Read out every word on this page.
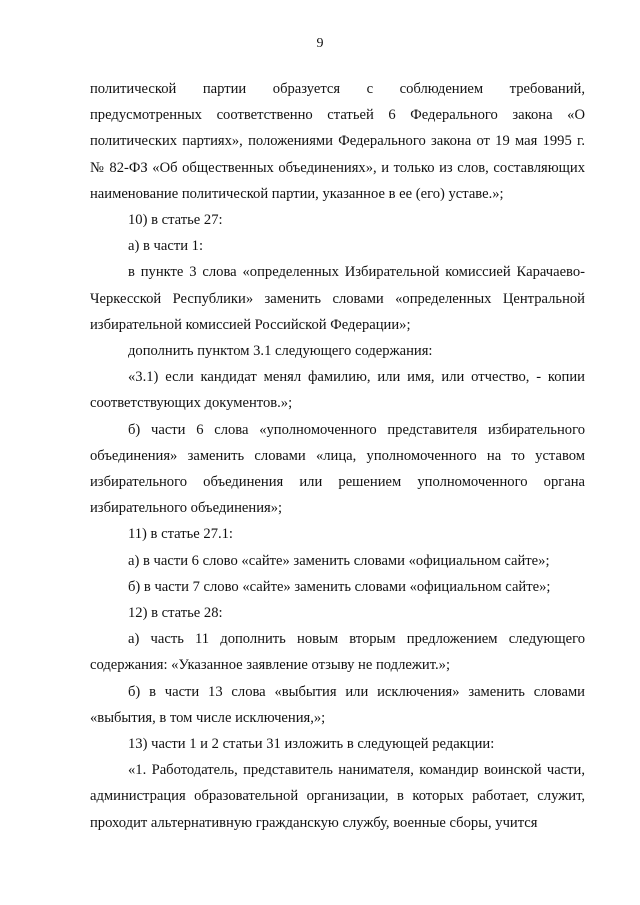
9

политической партии образуется с соблюдением требований, предусмотренных соответственно статьей 6 Федерального закона «О политических партиях», положениями Федерального закона от 19 мая 1995 г. № 82-ФЗ «Об общественных объединениях», и только из слов, составляющих наименование политической партии, указанное в ее (его) уставе.»;

10) в статье 27:

а) в части 1:

в пункте 3 слова «определенных Избирательной комиссией Карачаево-Черкесской Республики» заменить словами «определенных Центральной избирательной комиссией Российской Федерации»;

дополнить пунктом 3.1 следующего содержания:

«3.1) если кандидат менял фамилию, или имя, или отчество, - копии соответствующих документов.»;

б) части 6 слова «уполномоченного представителя избирательного объединения» заменить словами «лица, уполномоченного на то уставом избирательного объединения или решением уполномоченного органа избирательного объединения»;

11) в статье 27.1:

а) в части 6 слово «сайте» заменить словами «официальном сайте»;

б) в части 7 слово «сайте» заменить словами «официальном сайте»;

12) в статье 28:

а) часть 11 дополнить новым вторым предложением следующего содержания: «Указанное заявление отзыву не подлежит.»;

б) в части 13 слова «выбытия или исключения» заменить словами «выбытия, в том числе исключения,»;

13) части 1 и 2 статьи 31 изложить в следующей редакции:

«1. Работодатель, представитель нанимателя, командир воинской части, администрация образовательной организации, в которых работает, служит, проходит альтернативную гражданскую службу, военные сборы, учится
